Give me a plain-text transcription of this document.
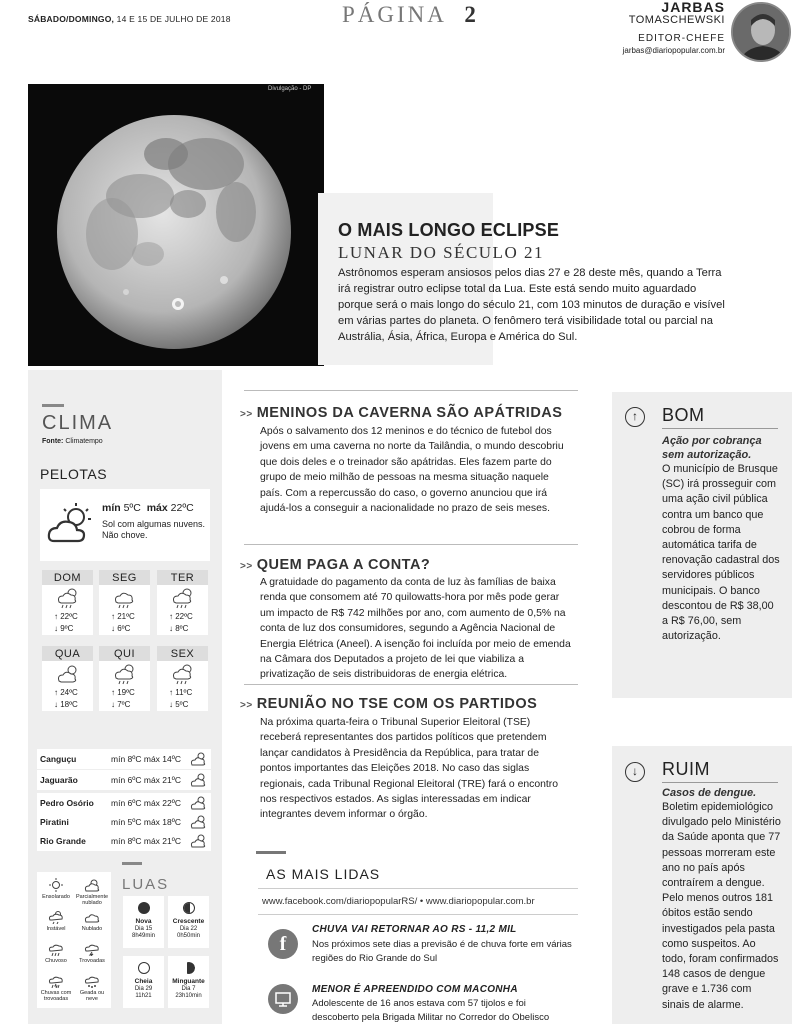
SÁBADO/DOMINGO, 14 E 15 DE JULHO DE 2018	PÁGINA 2	JARBAS
TOMASCHEWSKI
EDITOR-CHEFE
jarbas@diariopopular.com.br
Divulgação - DP
O MAIS LONGO ECLIPSE
LUNAR DO SÉCULO 21
Astrônomos esperam ansiosos pelos dias 27 e 28 deste mês, quando a Terra irá registrar outro eclipse total da Lua. Este está sendo muito aguardado porque será o mais longo do século 21, com 103 minutos de duração e visível em várias partes do planeta. O fenômero terá visibilidade total ou parcial na Austrália, Ásia, África, Europa e América do Sul.
CLIMA
Fonte: Climatempo
PELOTAS
mín 5ºC máx 22ºC
Sol com algumas nuvens. Não chove.
DOM
↑ 22ºC
↓ 9ºC
SEG
↑ 21ºC
↓ 6ºC
TER
↑ 22ºC
↓ 8ºC
QUA
↑ 24ºC
↓ 18ºC
QUI
↑ 19ºC
↓ 7ºC
SEX
↑ 11ºC
↓ 5ºC
Canguçu	mín 8ºC máx 14ºC
Jaguarão	mín 6ºC máx 21ºC
Pedro Osório mín 6ºC máx 22ºC
Piratini	mín 5ºC máx 18ºC
Rio Grande	mín 8ºC máx 21ºC
Ensolarado	Parcialmente nublado
Instável	Nublado
Chuvoso	Trovoadas
Chuvas com trovoadas
Geada ou neve
LUAS
Nova
Dia 15
8h49min
Crescente
Dia 22
0h50min
Cheia
Dia 29
11h21
Minguante
Dia 7
23h10min
>> MENINOS DA CAVERNA SÃO APÁTRIDAS
Após o salvamento dos 12 meninos e do técnico de futebol dos jovens em uma caverna no norte da Tailândia, o mundo descobriu que dois deles e o treinador são apátridas. Eles fazem parte do grupo de meio milhão de pessoas na mesma situação naquele país. Com a repercussão do caso, o governo anunciou que irá ajudá-los a conseguir a nacionalidade no prazo de seis meses.
>> QUEM PAGA A CONTA?
A gratuidade do pagamento da conta de luz às famílias de baixa renda que consomem até 70 quilowatts-hora por mês pode gerar um impacto de R$ 742 milhões por ano, com aumento de 0,5% na conta de luz dos consumidores, segundo a Agência Nacional de Energia Elétrica (Aneel). A isenção foi incluída por meio de emenda na Câmara dos Deputados a projeto de lei que viabiliza a privatização de seis distribuidoras de energia elétrica.
>> REUNIÃO NO TSE COM OS PARTIDOS
Na próxima quarta-feira o Tribunal Superior Eleitoral (TSE) receberá representantes dos partidos políticos que pretendem lançar candidatos à Presidência da República, para tratar de pontos importantes das Eleições 2018. No caso das siglas regionais, cada Tribunal Regional Eleitoral (TRE) fará o encontro nos respectivos estados. As siglas interessadas em indicar integrantes devem informar o órgão.
AS MAIS LIDAS
www.facebook.com/diariopopularRS/ • www.diariopopular.com.br
f
CHUVA VAI RETORNAR AO RS - 11,2 MIL
Nos próximos sete dias a previsão é de chuva forte em várias regiões do Rio Grande do Sul
MENOR É APREENDIDO COM MACONHA
Adolescente de 16 anos estava com 57 tijolos e foi descoberto pela Brigada Militar no Corredor do Obelisco
↑	BOM
Ação por cobrança sem autorização.
O município de Brusque (SC) irá prosseguir com uma ação civil pública contra um banco que cobrou de forma automática tarifa de renovação cadastral dos servidores públicos municipais. O banco descontou de R$ 38,00 a R$ 76,00, sem autorização.
↓	RUIM
Casos de dengue.
Boletim epidemiológico divulgado pelo Ministério da Saúde aponta que 77 pessoas morreram este ano no país após contraírem a dengue. Pelo menos outros 181 óbitos estão sendo investigados pela pasta como suspeitos. Ao todo, foram confirmados 148 casos de dengue grave e 1.736 com sinais de alarme.
